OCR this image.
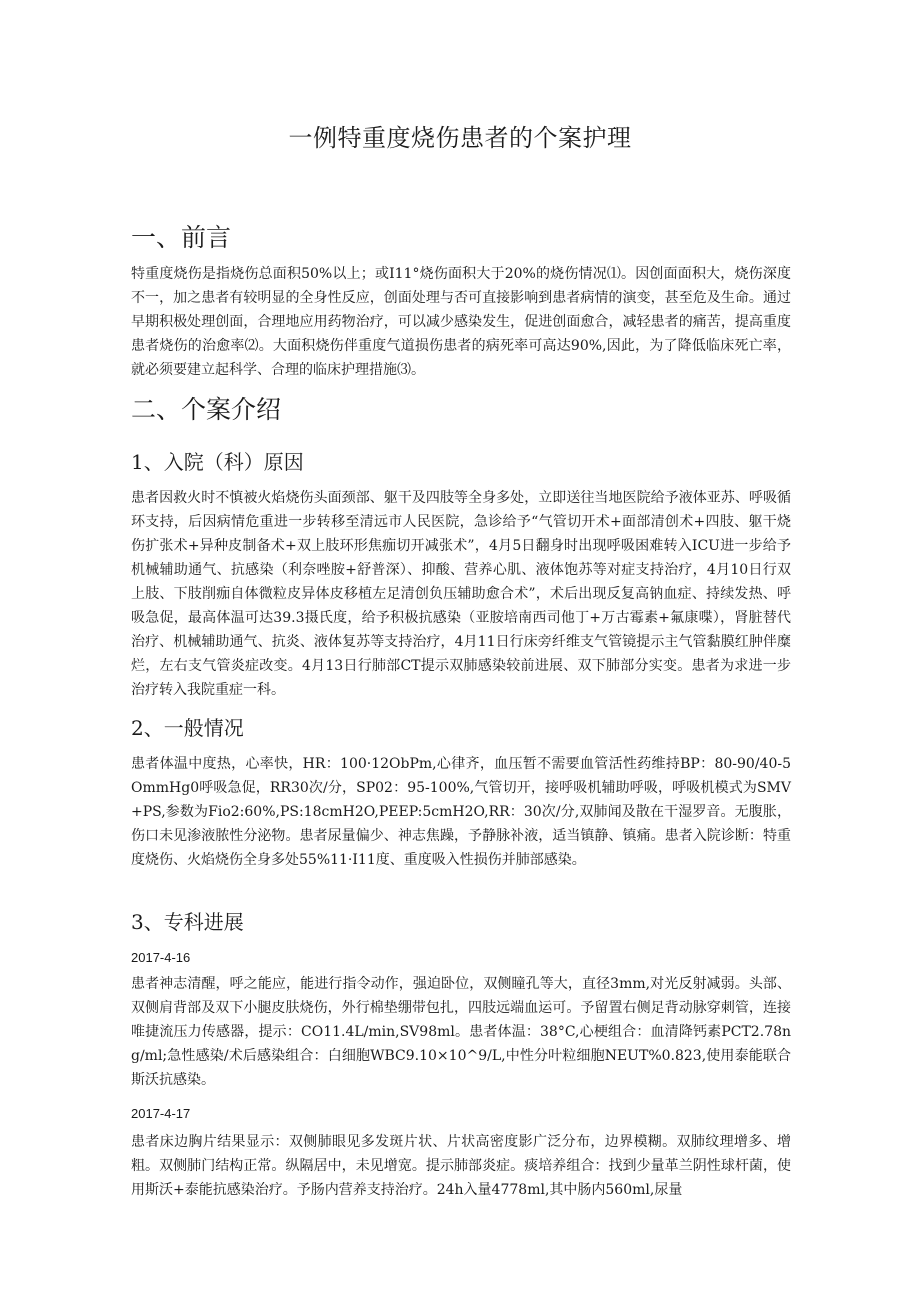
一例特重度烧伤患者的个案护理
一、前言

特重度烧伤是指烧伤总面积50%以上；或I11°烧伤面积大于20%的烧伤情况⑴。因创面面积大，烧伤深度不一，加之患者有较明显的全身性反应，创面处理与否可直接影响到患者病情的演变，甚至危及生命。通过早期积极处理创面，合理地应用药物治疗，可以减少感染发生，促进创面愈合，减轻患者的痛苦，提高重度患者烧伤的治愈率⑵。大面积烧伤伴重度气道损伤患者的病死率可高达90%,因此，为了降低临床死亡率，就必须要建立起科学、合理的临床护理措施⑶。

二、个案介绍
1、入院（科）原因

患者因救火时不慎被火焰烧伤头面颈部、躯干及四肢等全身多处，立即送往当地医院给予液体亚苏、呼吸循环支持，后因病情危重进一步转移至清远市人民医院，急诊给予“气管切开术+面部清创术+四肢、躯干烧伤扩张术+异种皮制备术+双上肢环形焦痂切开减张术”，4月5日翻身时出现呼吸困难转入ICU进一步给予机械辅助通气、抗感染（利奈唑胺+舒普深）、抑酸、营养心肌、液体饱苏等对症支持治疗，4月10日行双上肢、下肢削痂自体微粒皮异体皮移植左足清创负压辅助愈合术”，术后出现反复高钠血症、持续发热、呼吸急促，最高体温可达39.3摄氏度，给予积极抗感染（亚胺培南西司他丁+万古霉素+氟康喋），肾脏替代治疗、机械辅助通气、抗炎、液体复苏等支持治疗，4月11日行床旁纤维支气管镜提示主气管黏膜红肿伴糜烂，左右支气管炎症改变。4月13日行肺部CT提示双肺感染较前进展、双下肺部分实变。患者为求进一步治疗转入我院重症一科。

2、一般情况

患者体温中度热，心率快，HR：100·12ObPm,心律齐，血压暂不需要血管活性药维持BP：80-90/40-5OmmHg0呼吸急促，RR30次/分，SP02：95-100%,气管切开，接呼吸机辅助呼吸，呼吸机模式为SMV+PS,参数为Fio2:60%,PS:18cmH2O,PEEP:5cmH2O,RR：30次/分,双肺闻及散在干湿罗音。无腹胀，伤口未见渗液脓性分泌物。患者尿量偏少、神志焦躁，予静脉补液，适当镇静、镇痛。患者入院诊断：特重度烧伤、火焰烧伤全身多处55%11·I11度、重度吸入性损伤并肺部感染。

3、专科进展

2017-4-16

患者神志清醒，呼之能应，能进行指令动作，强迫卧位，双侧瞳孔等大，直径3mm,对光反射减弱。头部、双侧肩背部及双下小腿皮肤烧伤，外行棉垫绷带包扎，四肢远端血运可。予留置右侧足背动脉穿刺管，连接唯捷流压力传感器，提示：CO11.4L∕min,SV98ml。患者体温：38°C,心梗组合：血清降钙素PCT2.78ng∕ml;急性感染/术后感染组合：白细胞WBC9.10×10^9/L,中性分叶粒细胞NEUT%0.823,使用泰能联合斯沃抗感染。

2017-4-17

患者床边胸片结果显示：双侧肺眼见多发斑片状、片状高密度影广泛分布，边界模糊。双肺纹理增多、增粗。双侧肺门结构正常。纵隔居中，未见增宽。提示肺部炎症。痰培养组合：找到少量革兰阴性球杆菌，使用斯沃+泰能抗感染治疗。予肠内营养支持治疗。24h入量4778ml,其中肠内560ml,尿量
